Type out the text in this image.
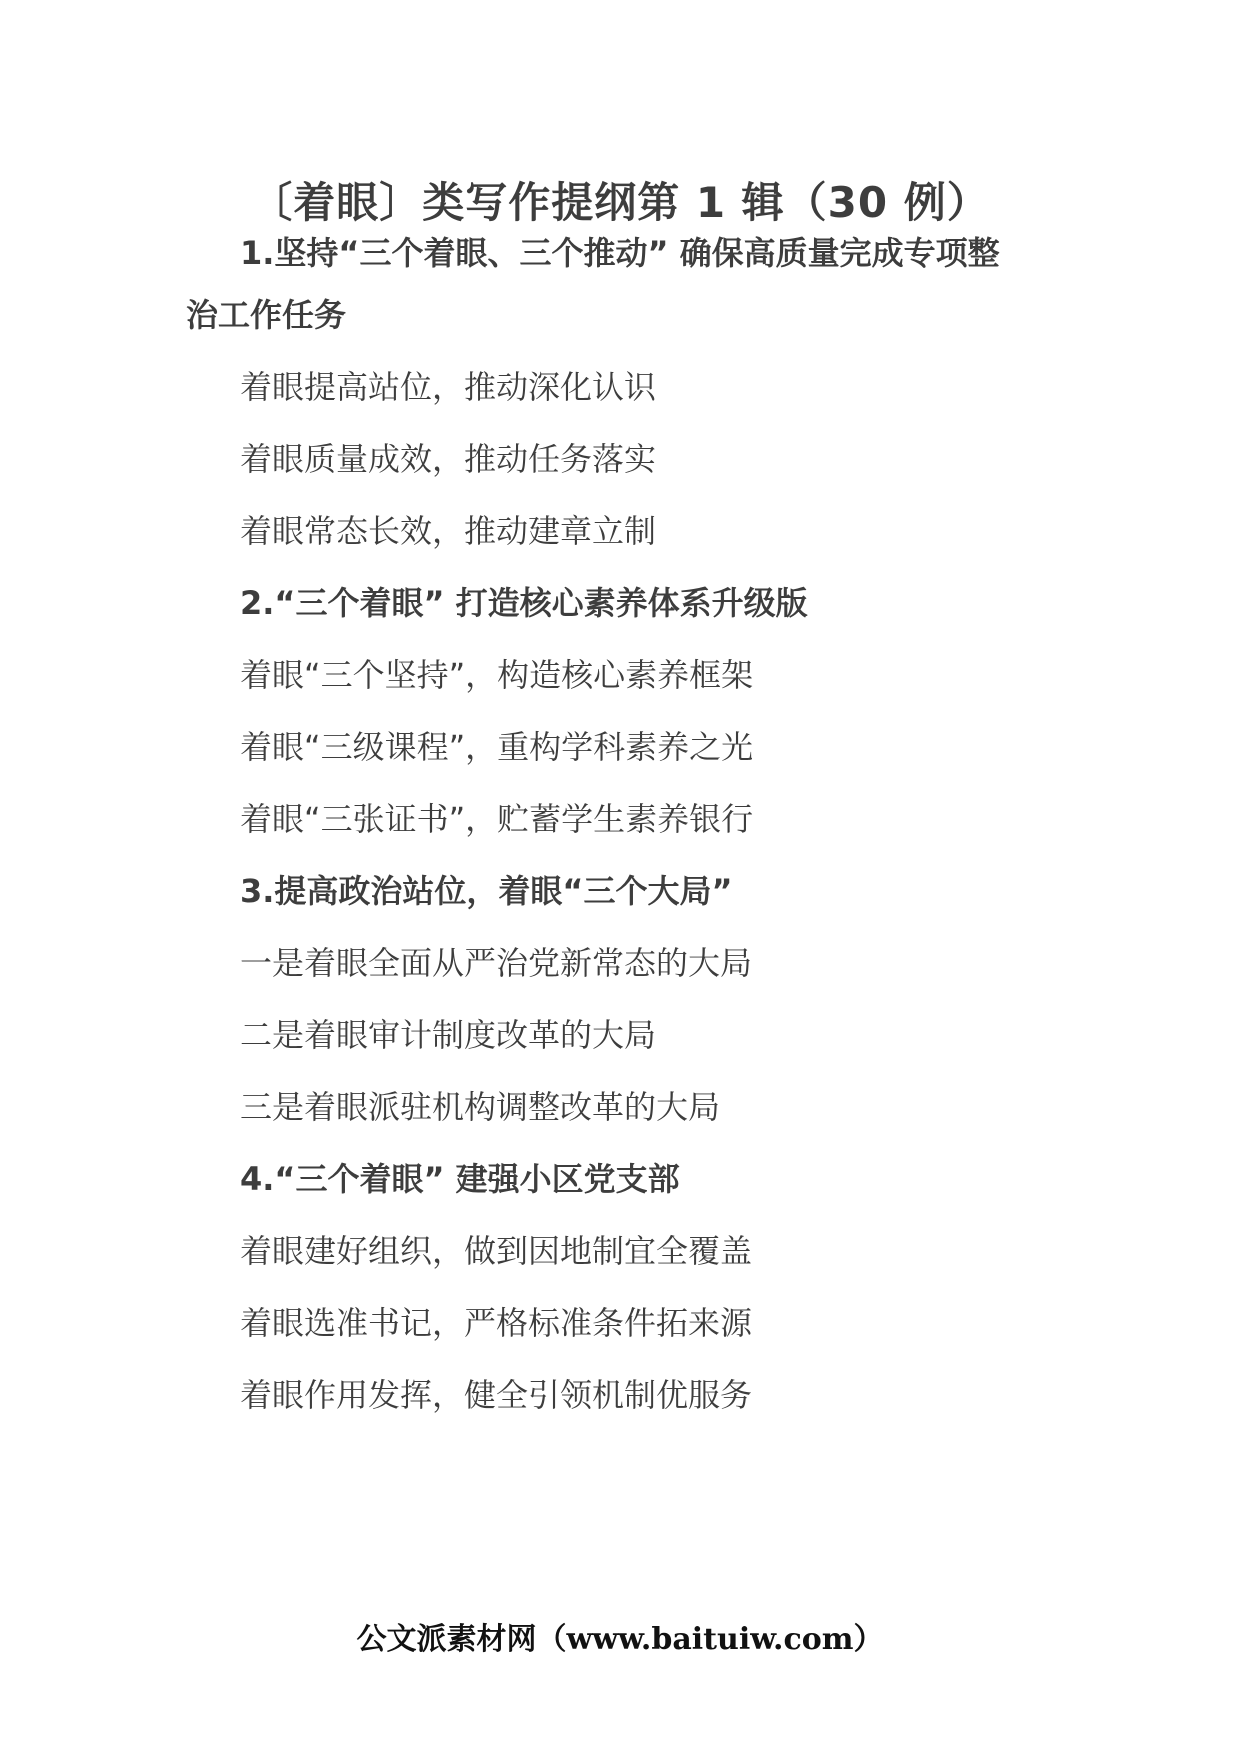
〔着眼〕类写作提纲第 1 辑（30 例）
1.坚持“三个着眼、三个推动” 确保高质量完成专项整
治工作任务
着眼提高站位，推动深化认识
着眼质量成效，推动任务落实
着眼常态长效，推动建章立制
2.“三个着眼” 打造核心素养体系升级版
着眼“三个坚持”，构造核心素养框架
着眼“三级课程”，重构学科素养之光
着眼“三张证书”，贮蓄学生素养银行
3.提高政治站位，着眼“三个大局”
一是着眼全面从严治党新常态的大局
二是着眼审计制度改革的大局
三是着眼派驻机构调整改革的大局
4.“三个着眼” 建强小区党支部
着眼建好组织，做到因地制宜全覆盖
着眼选准书记，严格标准条件拓来源
着眼作用发挥，健全引领机制优服务
公文派素材网（www.baituiw.com）
